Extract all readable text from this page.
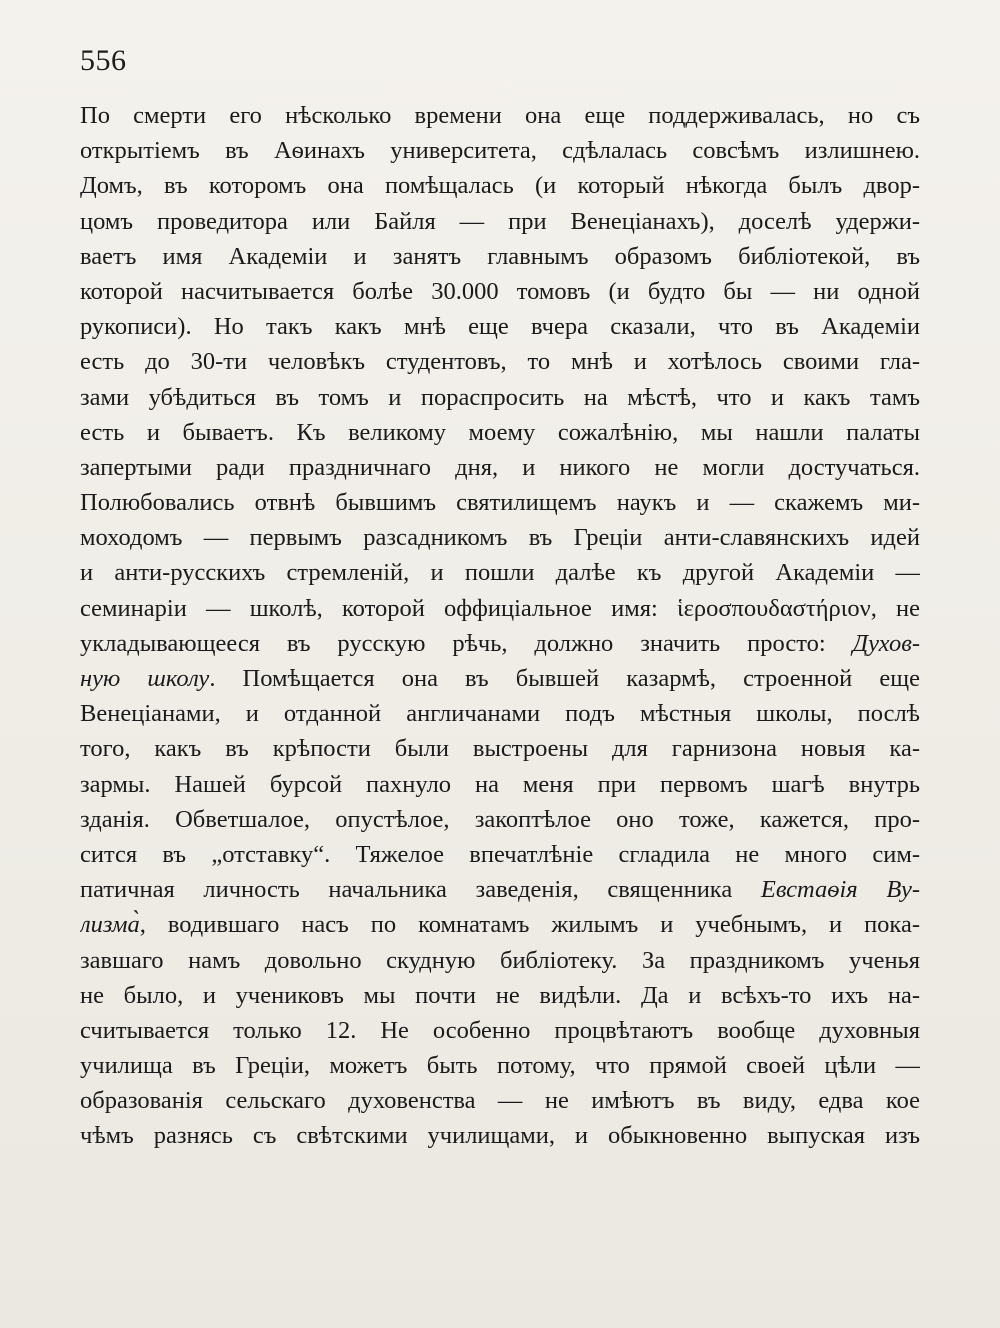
556
По смерти его нѣсколько времени она еще поддерживалась, но съ
открытіемъ въ Аѳинахъ университета, сдѣлалась совсѣмъ излишнею.
Домъ, въ которомъ она помѣщалась (и который нѣкогда былъ двор-
цомъ проведитора или Байля — при Венеціанахъ), доселѣ удержи-
ваетъ имя Академіи и занятъ главнымъ образомъ библіотекой, въ
которой насчитывается болѣе 30.000 томовъ (и будто бы — ни одной
рукописи). Но такъ какъ мнѣ еще вчера сказали, что въ Академіи
есть до 30-ти человѣкъ студентовъ, то мнѣ и хотѣлось своими гла-
зами убѣдиться въ томъ и пораспросить на мѣстѣ, что и какъ тамъ
есть и бываетъ. Къ великому моему сожалѣнію, мы нашли палаты
запертыми ради праздничнаго дня, и никого не могли достучаться.
Полюбовались отвнѣ бывшимъ святилищемъ наукъ и — скажемъ ми-
моходомъ — первымъ разсадникомъ въ Греціи анти-славянскихъ идей
и анти-русскихъ стремленій, и пошли далѣе къ другой Академіи —
семинаріи — школѣ, которой оффиціальное имя: ἱεροσπουδαστήριον, не
укладывающееся въ русскую рѣчь, должно значить просто: Духов-
ную школу. Помѣщается она въ бывшей казармѣ, строенной еще
Венеціанами, и отданной англичанами подъ мѣстныя школы, послѣ
того, какъ въ крѣпости были выстроены для гарнизона новыя ка-
зармы. Нашей бурсой пахнуло на меня при первомъ шагѣ внутрь
зданія. Обветшалое, опустѣлое, закоптѣлое оно тоже, кажется, про-
сится въ „отставку“. Тяжелое впечатлѣніе сгладила не много сим-
патичная личность начальника заведенія, священника Евстаѳія Ву-
лизма̀, водившаго насъ по комнатамъ жилымъ и учебнымъ, и пока-
завшаго намъ довольно скудную библіотеку. За праздникомъ ученья
не было, и учениковъ мы почти не видѣли. Да и всѣхъ-то ихъ на-
считывается только 12. Не особенно процвѣтаютъ вообще духовныя
училища въ Греціи, можетъ быть потому, что прямой своей цѣли —
образованія сельскаго духовенства — не имѣютъ въ виду, едва кое
чѣмъ разнясь съ свѣтскими училищами, и обыкновенно выпуская изъ
